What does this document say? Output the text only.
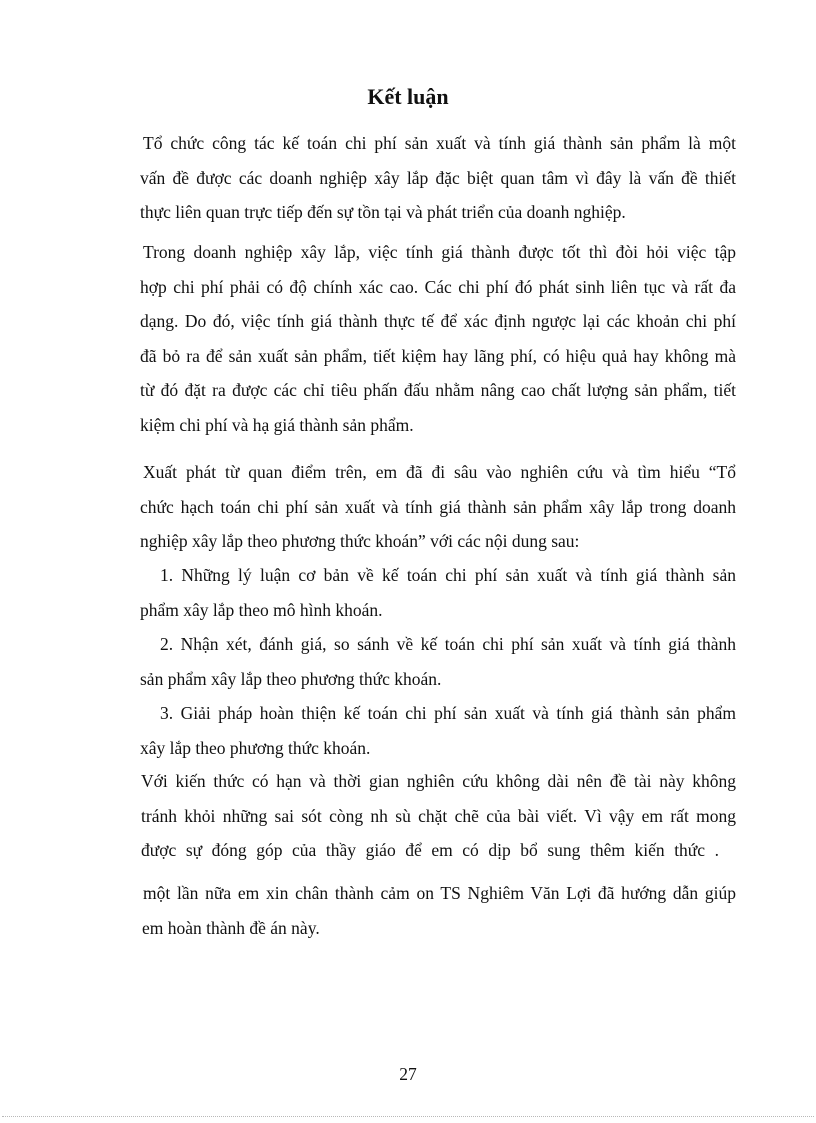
Kết luận
Tổ chức công tác kế toán chi phí sản xuất và tính giá thành sản phẩm là một
vấn đề được các doanh nghiệp xây lắp đặc biệt quan tâm vì đây là vấn đề thiết
thực liên quan trực tiếp đến sự tồn tại và phát triển của doanh nghiệp.
Trong doanh nghiệp xây lắp, việc tính giá thành được tốt thì đòi hỏi việc tập
hợp chi phí phải có độ chính xác cao. Các chi phí đó phát sinh liên tục và rất đa
dạng. Do đó, việc tính giá thành thực tế để xác định ngược lại các khoản chi phí
đã bỏ ra để sản xuất sản phẩm, tiết kiệm hay lãng phí, có hiệu quả hay không mà
từ đó đặt ra được các chỉ tiêu phấn đấu nhằm nâng cao chất lượng sản phẩm, tiết
kiệm chi phí và hạ giá thành sản phẩm.
Xuất phát từ quan điểm trên, em đã đi sâu vào nghiên cứu và tìm hiểu “Tổ
chức hạch toán chi phí sản xuất và tính giá thành sản phẩm xây lắp trong doanh
nghiệp xây lắp theo phương thức khoán” với các nội dung sau:
1. Những lý luận cơ bản về kế toán chi phí sản xuất và tính giá thành sản
phẩm xây lắp theo mô hình khoán.
2. Nhận xét, đánh giá, so sánh về kế toán chi phí sản xuất và tính giá thành
sản phẩm xây lắp theo phương thức khoán.
3. Giải pháp hoàn thiện kế toán chi phí sản xuất và tính giá thành sản phẩm
xây lắp theo phương thức khoán.
Với kiến thức có hạn và thời gian nghiên cứu không dài nên đề tài này không
tránh khỏi những sai sót còng nh sù chặt chẽ của bài viết. Vì vậy em rất mong
được sự đóng góp của thầy giáo để em có dịp bổ sung thêm kiến thức .
một lần nữa em xin chân thành cảm on TS Nghiêm Văn Lợi đã hướng dẫn giúp
em hoàn thành đề án này.
27
